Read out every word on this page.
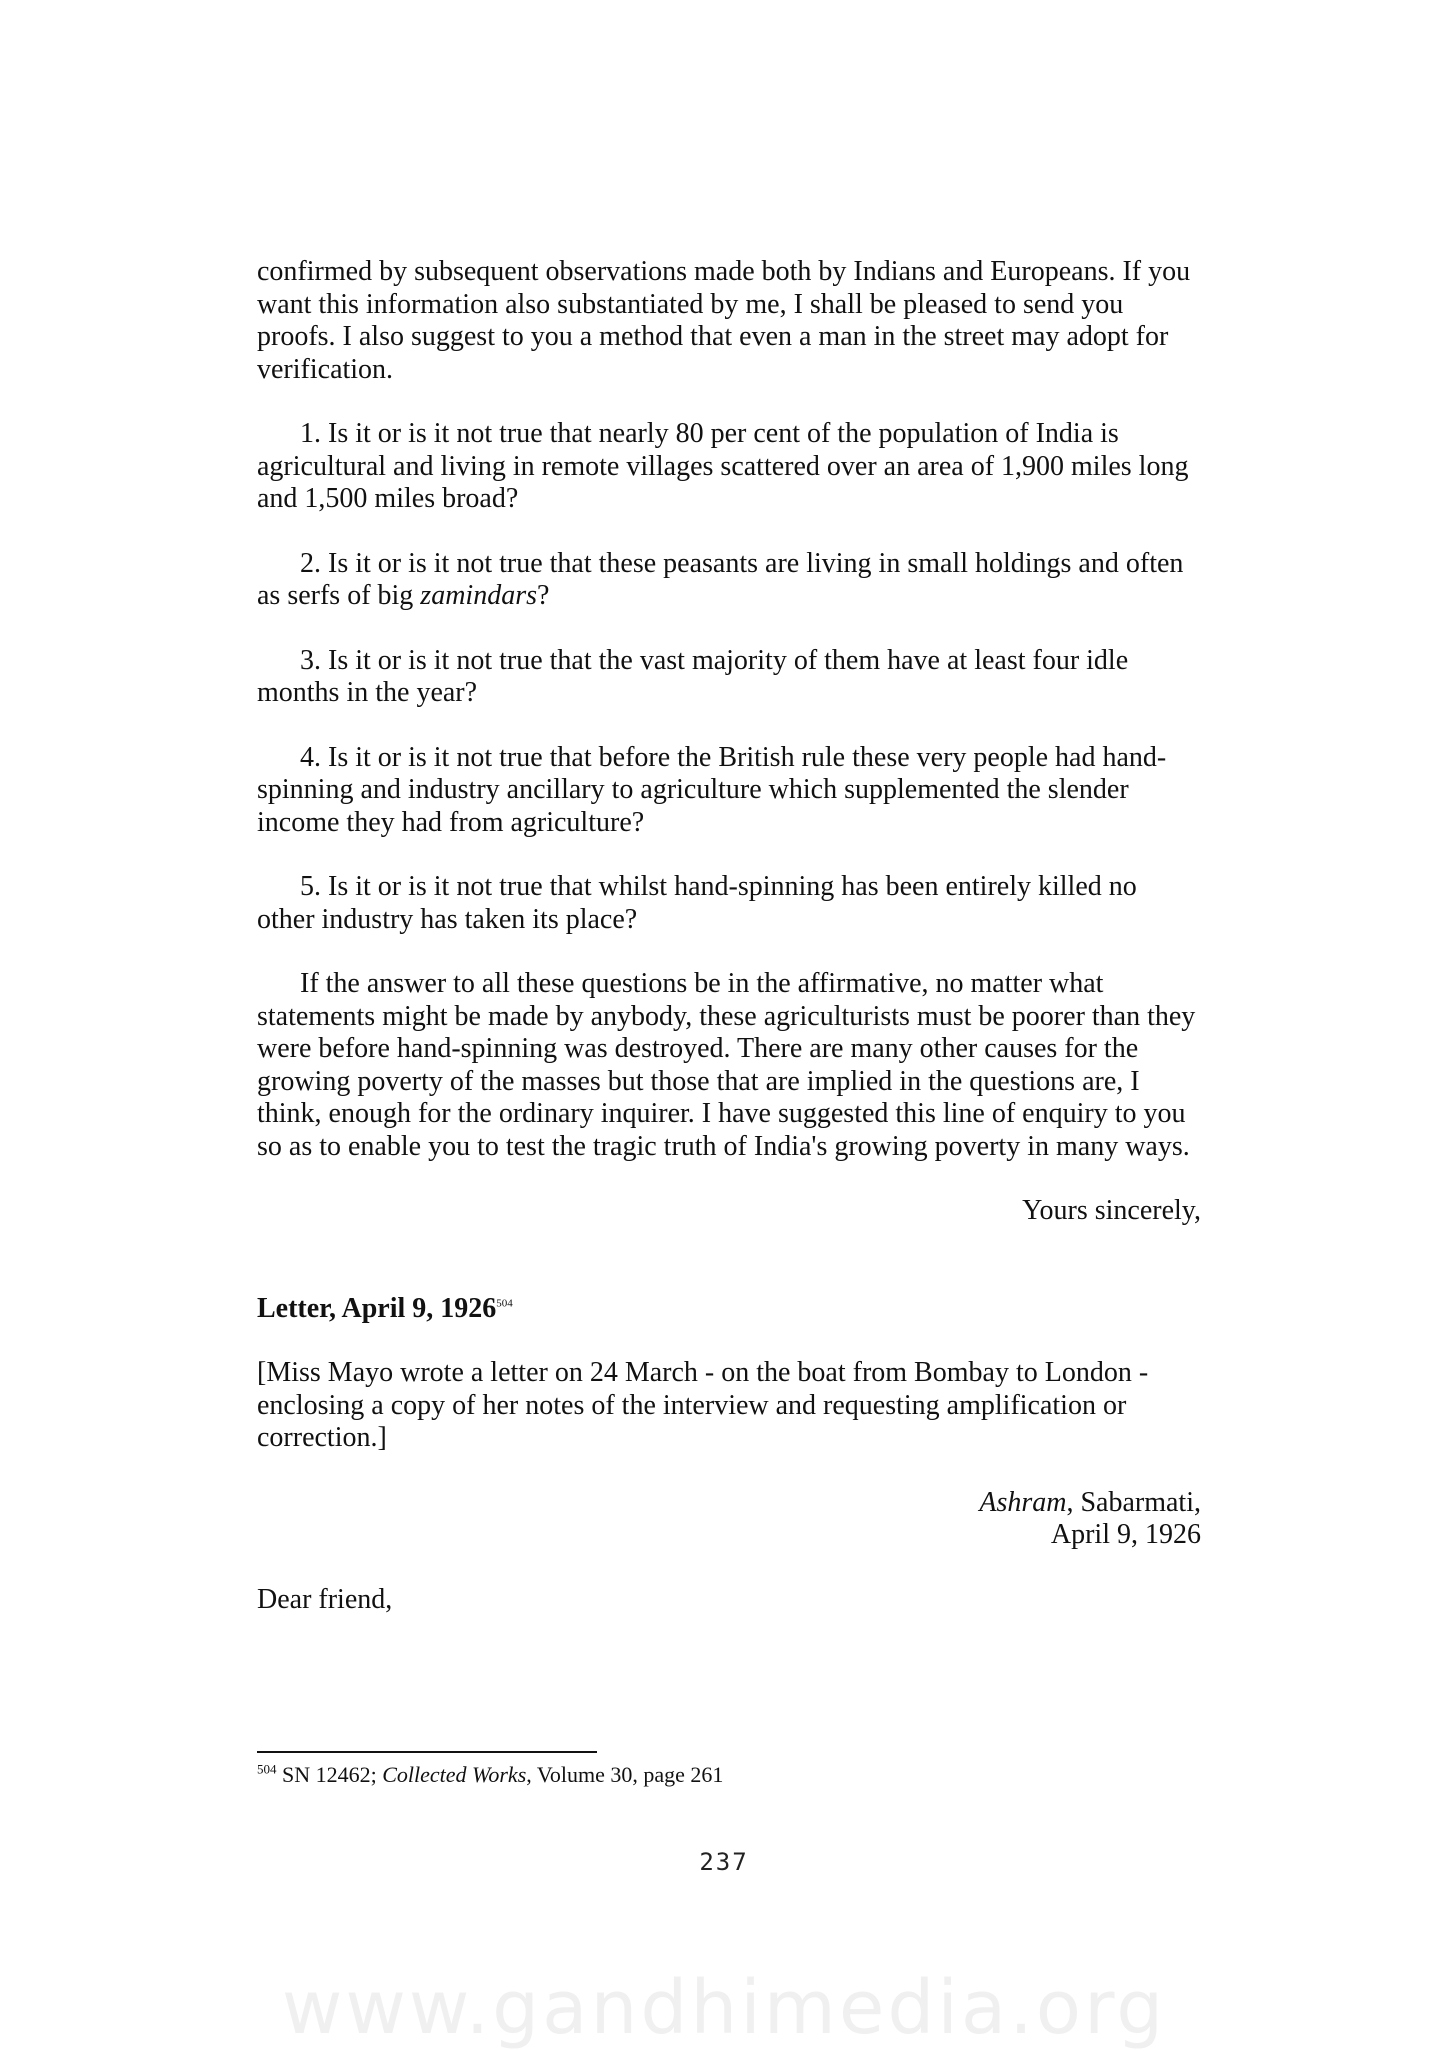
confirmed by subsequent observations made both by Indians and Europeans. If you want this information also substantiated by me, I shall be pleased to send you proofs. I also suggest to you a method that even a man in the street may adopt for verification.

1. Is it or is it not true that nearly 80 per cent of the population of India is agricultural and living in remote villages scattered over an area of 1,900 miles long and 1,500 miles broad?

2. Is it or is it not true that these peasants are living in small holdings and often as serfs of big zamindars?

3. Is it or is it not true that the vast majority of them have at least four idle months in the year?

4. Is it or is it not true that before the British rule these very people had hand-spinning and industry ancillary to agriculture which supplemented the slender income they had from agriculture?

5. Is it or is it not true that whilst hand-spinning has been entirely killed no other industry has taken its place?

If the answer to all these questions be in the affirmative, no matter what statements might be made by anybody, these agriculturists must be poorer than they were before hand-spinning was destroyed. There are many other causes for the growing poverty of the masses but those that are implied in the questions are, I think, enough for the ordinary inquirer. I have suggested this line of enquiry to you so as to enable you to test the tragic truth of India's growing poverty in many ways.

Yours sincerely,

Letter, April 9, 1926$^{504}$

[Miss Mayo wrote a letter on 24 March - on the boat from Bombay to London - enclosing a copy of her notes of the interview and requesting amplification or correction.]

Ashram, Sabarmati,
April 9, 1926

Dear friend,

$^{504}$ SN 12462; Collected Works, Volume 30, page 261
237
www.gandhimedia.org
